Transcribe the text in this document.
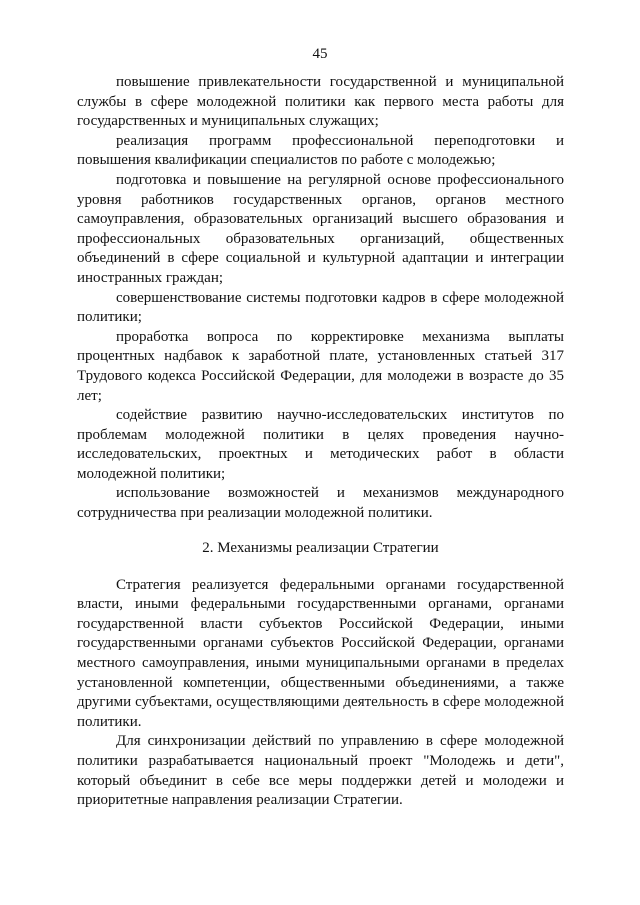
45

повышение привлекательности государственной и муниципальной службы в сфере молодежной политики как первого места работы для государственных и муниципальных служащих;

реализация программ профессиональной переподготовки и повышения квалификации специалистов по работе с молодежью;

подготовка и повышение на регулярной основе профессионального уровня работников государственных органов, органов местного самоуправления, образовательных организаций высшего образования и профессиональных образовательных организаций, общественных объединений в сфере социальной и культурной адаптации и интеграции иностранных граждан;

совершенствование системы подготовки кадров в сфере молодежной политики;

проработка вопроса по корректировке механизма выплаты процентных надбавок к заработной плате, установленных статьей 317 Трудового кодекса Российской Федерации, для молодежи в возрасте до 35 лет;

содействие развитию научно-исследовательских институтов по проблемам молодежной политики в целях проведения научно-исследовательских, проектных и методических работ в области молодежной политики;

использование возможностей и механизмов международного сотрудничества при реализации молодежной политики.

2. Механизмы реализации Стратегии

Стратегия реализуется федеральными органами государственной власти, иными федеральными государственными органами, органами государственной власти субъектов Российской Федерации, иными государственными органами субъектов Российской Федерации, органами местного самоуправления, иными муниципальными органами в пределах установленной компетенции, общественными объединениями, а также другими субъектами, осуществляющими деятельность в сфере молодежной политики.

Для синхронизации действий по управлению в сфере молодежной политики разрабатывается национальный проект "Молодежь и дети", который объединит в себе все меры поддержки детей и молодежи и приоритетные направления реализации Стратегии.
